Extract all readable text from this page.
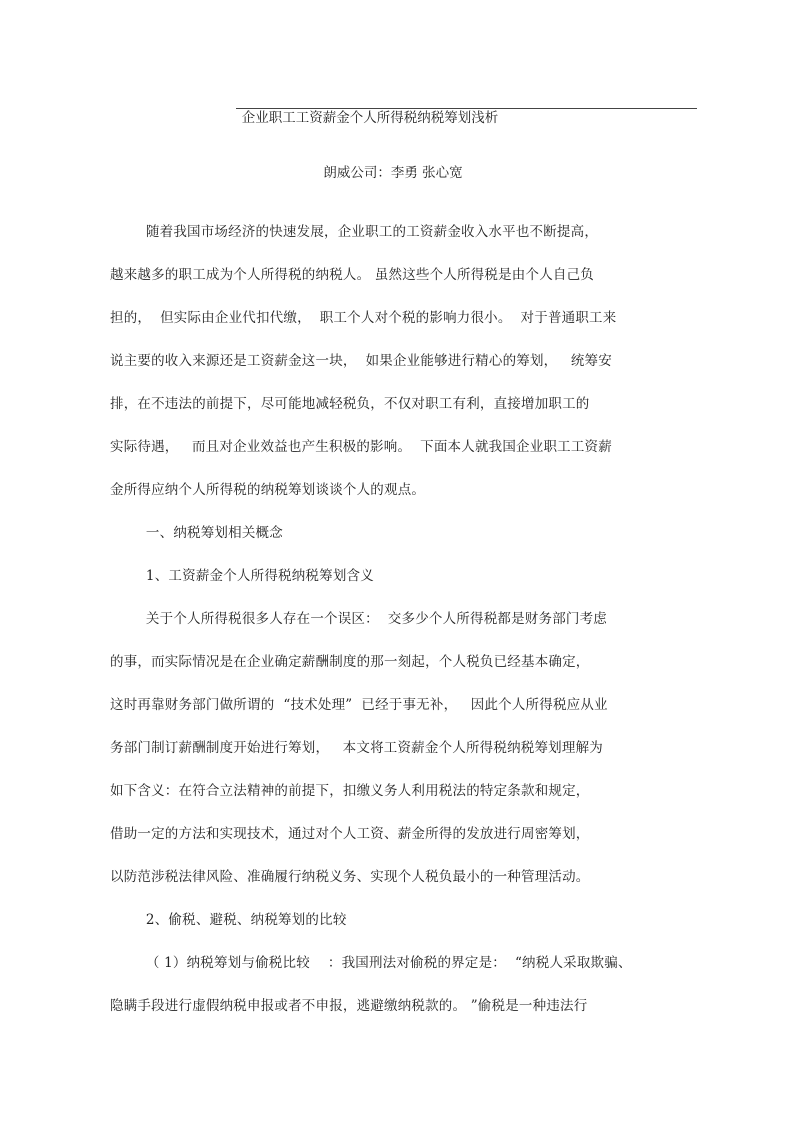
企业职工工资薪金个人所得税纳税筹划浅析
朗威公司：李勇 张心宽
随着我国市场经济的快速发展，企业职工的工资薪金收入水平也不断提高，
越来越多的职工成为个人所得税的纳税人。 虽然这些个人所得税是由个人自己负
担的，  但实际由企业代扣代缴，  职工个人对个税的影响力很小。  对于普通职工来
说主要的收入来源还是工资薪金这一块，  如果企业能够进行精心的筹划，   统筹安
排，在不违法的前提下，尽可能地减轻税负，不仅对职工有利，直接增加职工的
实际待遇，   而且对企业效益也产生积极的影响。  下面本人就我国企业职工工资薪
金所得应纳个人所得税的纳税筹划谈谈个人的观点。
一、纳税筹划相关概念
1、工资薪金个人所得税纳税筹划含义
关于个人所得税很多人存在一个误区：  交多少个人所得税都是财务部门考虑
的事，而实际情况是在企业确定薪酬制度的那一刻起，个人税负已经基本确定，
这时再靠财务部门做所谓的  “技术处理”  已经于事无补，   因此个人所得税应从业
务部门制订薪酬制度开始进行筹划，   本文将工资薪金个人所得税纳税筹划理解为
如下含义：在符合立法精神的前提下，扣缴义务人利用税法的特定条款和规定，
借助一定的方法和实现技术，通过对个人工资、薪金所得的发放进行周密筹划，
以防范涉税法律风险、准确履行纳税义务、实现个人税负最小的一种管理活动。
2、偷税、避税、纳税筹划的比较
（ 1）纳税筹划与偷税比较    ：我国刑法对偷税的界定是：  “纳税人采取欺骗、
隐瞒手段进行虚假纳税申报或者不申报，逃避缴纳税款的。 ”偷税是一种违法行
